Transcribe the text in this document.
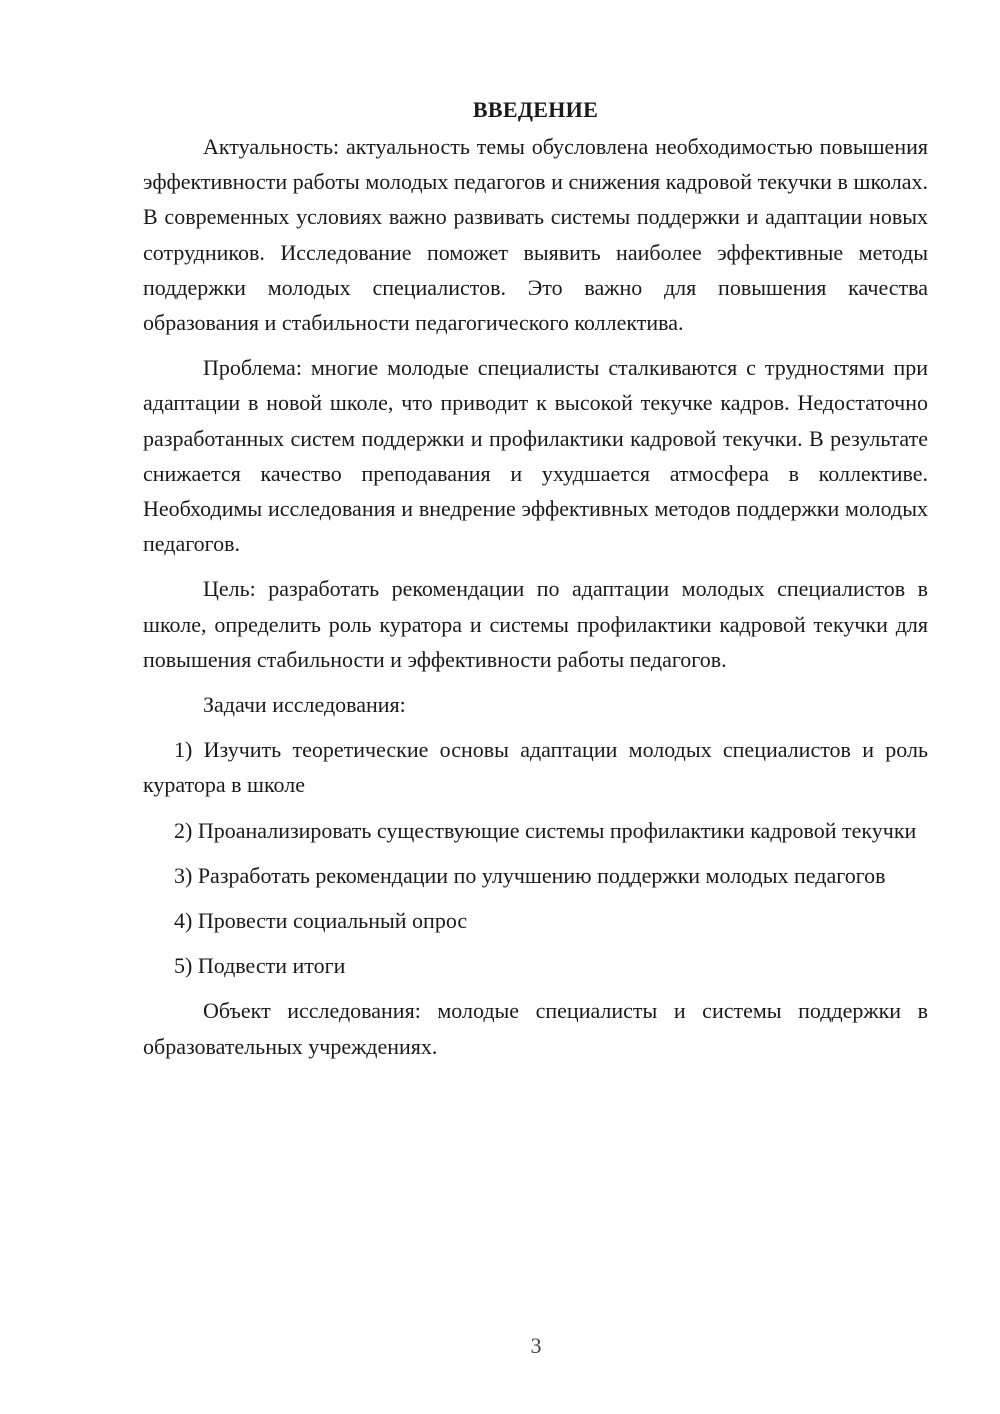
ВВЕДЕНИЕ

Актуальность: актуальность темы обусловлена необходимостью повышения эффективности работы молодых педагогов и снижения кадровой текучки в школах. В современных условиях важно развивать системы поддержки и адаптации новых сотрудников. Исследование поможет выявить наиболее эффективные методы поддержки молодых специалистов. Это важно для повышения качества образования и стабильности педагогического коллектива.

Проблема: многие молодые специалисты сталкиваются с трудностями при адаптации в новой школе, что приводит к высокой текучке кадров. Недостаточно разработанных систем поддержки и профилактики кадровой текучки. В результате снижается качество преподавания и ухудшается атмосфера в коллективе. Необходимы исследования и внедрение эффективных методов поддержки молодых педагогов.

Цель: разработать рекомендации по адаптации молодых специалистов в школе, определить роль куратора и системы профилактики кадровой текучки для повышения стабильности и эффективности работы педагогов.

Задачи исследования:

1) Изучить теоретические основы адаптации молодых специалистов и роль куратора в школе

2) Проанализировать существующие системы профилактики кадровой текучки

3) Разработать рекомендации по улучшению поддержки молодых педагогов

4) Провести социальный опрос

5) Подвести итоги

Объект исследования: молодые специалисты и системы поддержки в образовательных учреждениях.

3
